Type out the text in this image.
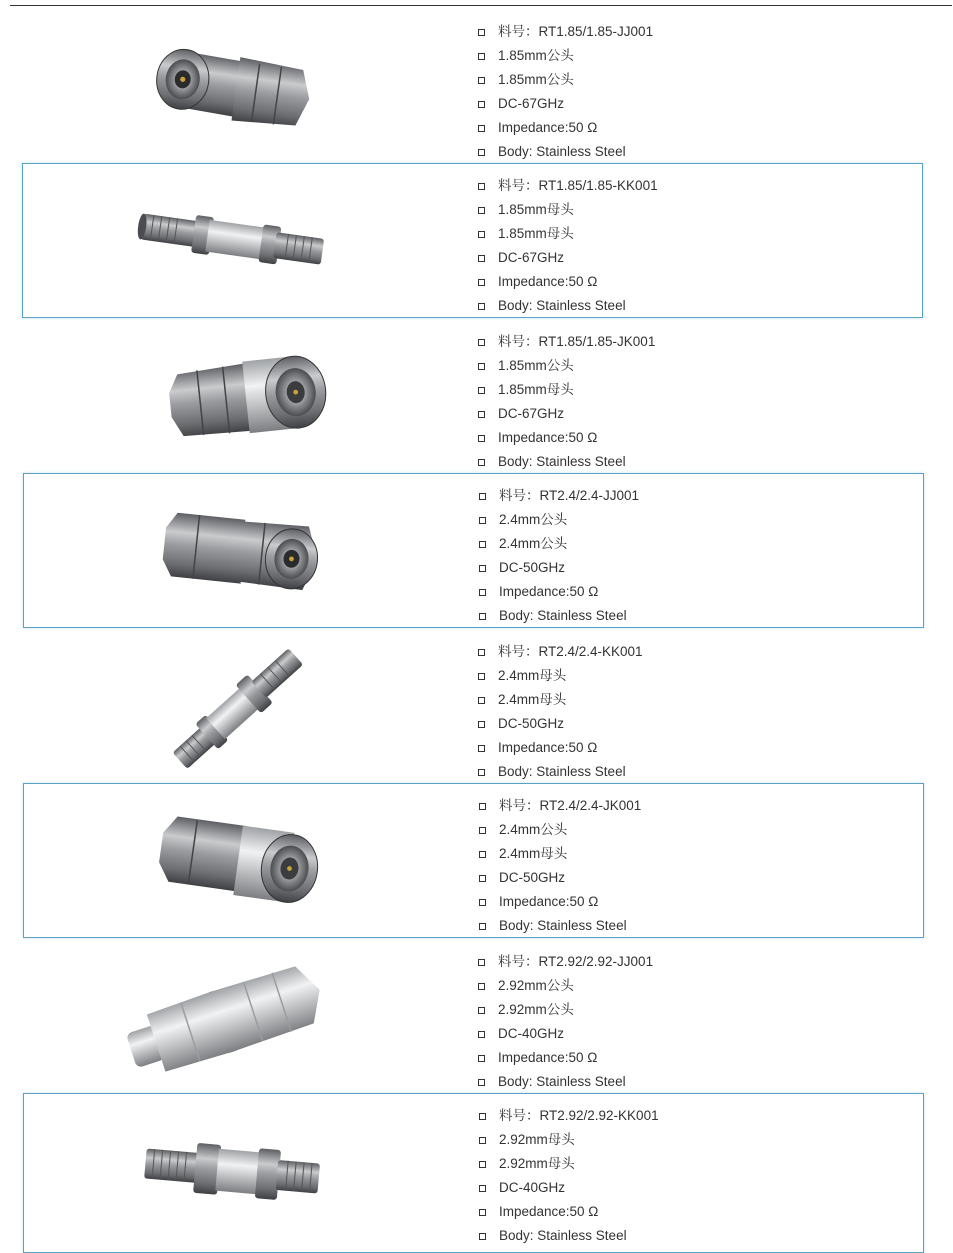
料号：RT1.85/1.85-JJ001
1.85mm公头
1.85mm公头
DC-67GHz
Impedance:50 Ω
Body: Stainless Steel
料号：RT1.85/1.85-KK001
1.85mm母头
1.85mm母头
DC-67GHz
Impedance:50 Ω
Body: Stainless Steel
料号：RT1.85/1.85-JK001
1.85mm公头
1.85mm母头
DC-67GHz
Impedance:50 Ω
Body: Stainless Steel
料号：RT2.4/2.4-JJ001
2.4mm公头
2.4mm公头
DC-50GHz
Impedance:50 Ω
Body: Stainless Steel
料号：RT2.4/2.4-KK001
2.4mm母头
2.4mm母头
DC-50GHz
Impedance:50 Ω
Body: Stainless Steel
料号：RT2.4/2.4-JK001
2.4mm公头
2.4mm母头
DC-50GHz
Impedance:50 Ω
Body: Stainless Steel
料号：RT2.92/2.92-JJ001
2.92mm公头
2.92mm公头
DC-40GHz
Impedance:50 Ω
Body: Stainless Steel
料号：RT2.92/2.92-KK001
2.92mm母头
2.92mm母头
DC-40GHz
Impedance:50 Ω
Body: Stainless Steel
